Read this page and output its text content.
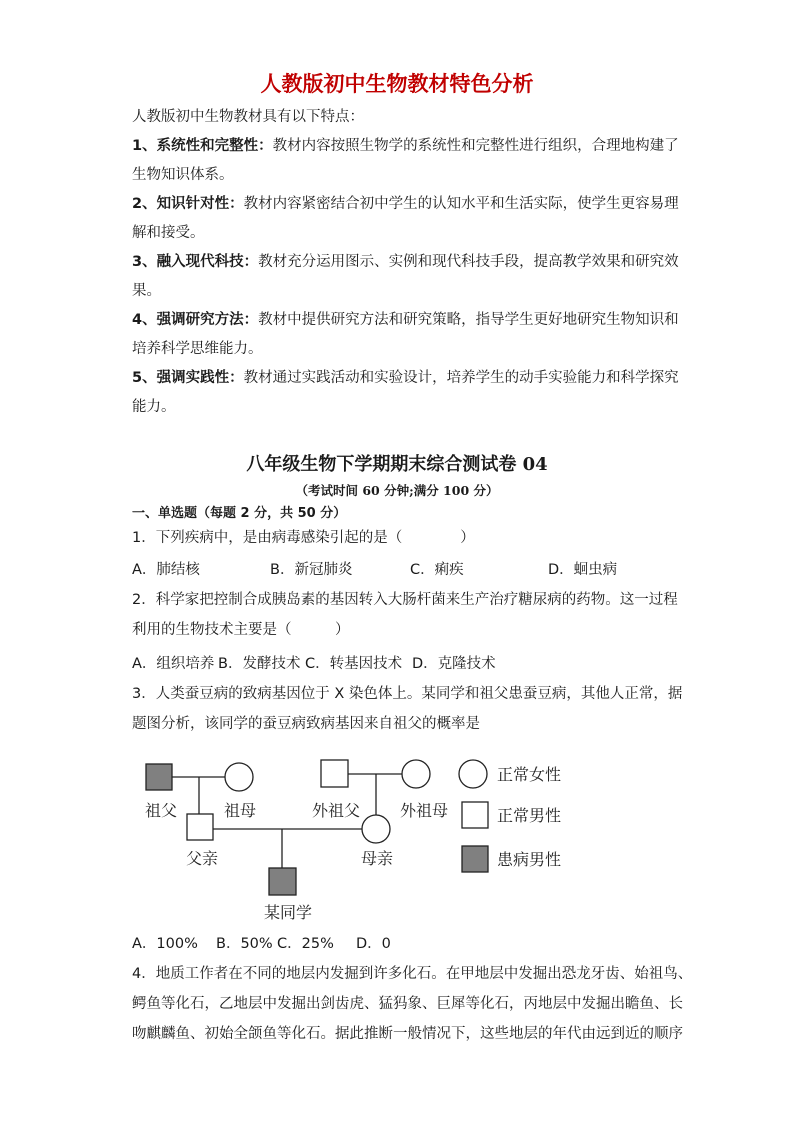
人教版初中生物教材特色分析
人教版初中生物教材具有以下特点：
1、系统性和完整性：教材内容按照生物学的系统性和完整性进行组织，合理地构建了
生物知识体系。
2、知识针对性：教材内容紧密结合初中学生的认知水平和生活实际，使学生更容易理
解和接受。
3、融入现代科技：教材充分运用图示、实例和现代科技手段，提高教学效果和研究效
果。
4、强调研究方法：教材中提供研究方法和研究策略，指导学生更好地研究生物知识和
培养科学思维能力。
5、强调实践性：教材通过实践活动和实验设计，培养学生的动手实验能力和科学探究
能力。
八年级生物下学期期末综合测试卷 04
（考试时间 60 分钟;满分 100 分）
一、单选题（每题 2 分，共 50 分）
1．下列疾病中，是由病毒感染引起的是（　　　　）
A．肺结核	B．新冠肺炎	C．痢疾	D．蛔虫病
2．科学家把控制合成胰岛素的基因转入大肠杆菌来生产治疗糖尿病的药物。这一过程
利用的生物技术主要是（　　　）
A．组织培养 B．发酵技术 C．转基因技术 D．克隆技术
3．人类蚕豆病的致病基因位于 X 染色体上。某同学和祖父患蚕豆病，其他人正常，据
题图分析，该同学的蚕豆病致病基因来自祖父的概率是
祖父	祖母	外祖父 外祖母
父亲	母亲
某同学
正常女性
正常男性
患病男性
A．100% B．50% C．25% D．0
4．地质工作者在不同的地层内发掘到许多化石。在甲地层中发掘出恐龙牙齿、始祖鸟、
鳄鱼等化石，乙地层中发掘出剑齿虎、猛犸象、巨犀等化石，丙地层中发掘出瞻鱼、长
吻麒麟鱼、初始全颌鱼等化石。据此推断一般情况下，这些地层的年代由远到近的顺序
